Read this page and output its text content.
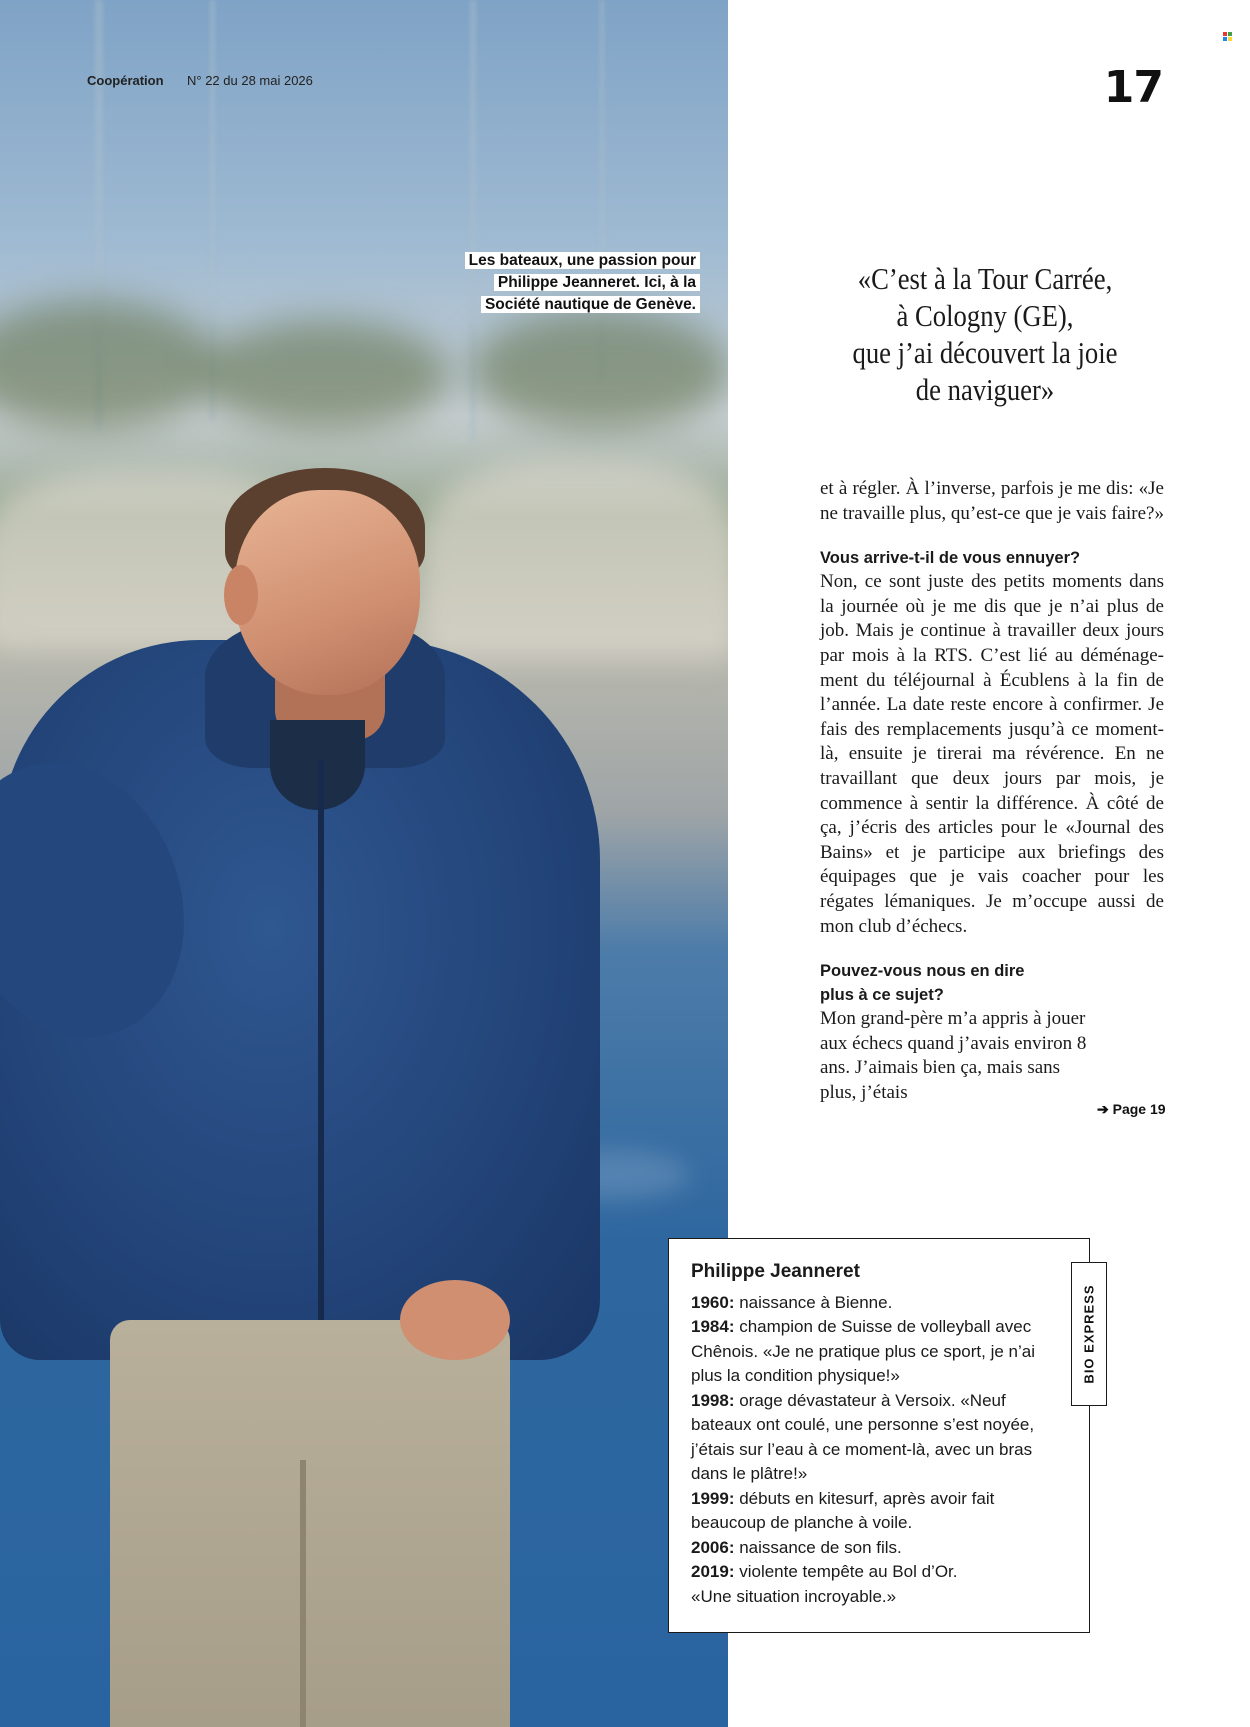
Coopération N° 22 du 28 mai 2026	17
Les bateaux, une passion pour
Philippe Jeanneret. Ici, à la
Société nautique de Genève.
«C’est à la Tour Carrée,
à Cologny (GE),
que j’ai découvert la joie
de naviguer»

et à régler. À l’inverse, parfois je me dis: «Je ne travaille plus, qu’est-ce que je vais faire?»

Vous arrive-t-il de vous ennuyer?

Non, ce sont juste des petits moments dans la journée où je me dis que je n’ai plus de job. Mais je continue à travailler deux jours par mois à la RTS. C’est lié au déménagement du téléjournal à Écublens à la fin de l’année. La date reste encore à confirmer. Je fais des remplacements jusqu’à ce moment-là, ensuite je tirerai ma révérence. En ne travaillant que deux jours par mois, je commence à sentir la différence. À côté de ça, j’écris des articles pour le «Journal des Bains» et je participe aux briefings des équipages que je vais coacher pour les régates lémaniques. Je m’occupe aussi de mon club d’échecs.

Pouvez-vous nous en dire
plus à ce sujet?

Mon grand-père m’a appris à jouer aux échecs quand j’avais environ 8 ans. J’aimais bien ça, mais sans plus, j’étais

➔ Page 19
BIO EXPRESS
Philippe Jeanneret
1960: naissance à Bienne.
1984: champion de Suisse de volleyball avec Chênois. «Je ne pratique plus ce sport, je n’ai plus la condition physique!»
1998: orage dévastateur à Versoix. «Neuf bateaux ont coulé, une personne s’est noyée, j’étais sur l’eau à ce moment-là, avec un bras dans le plâtre!»
1999: débuts en kitesurf, après avoir fait beaucoup de planche à voile.
2006: naissance de son fils.
2019: violente tempête au Bol d’Or. «Une situation incroyable.»
